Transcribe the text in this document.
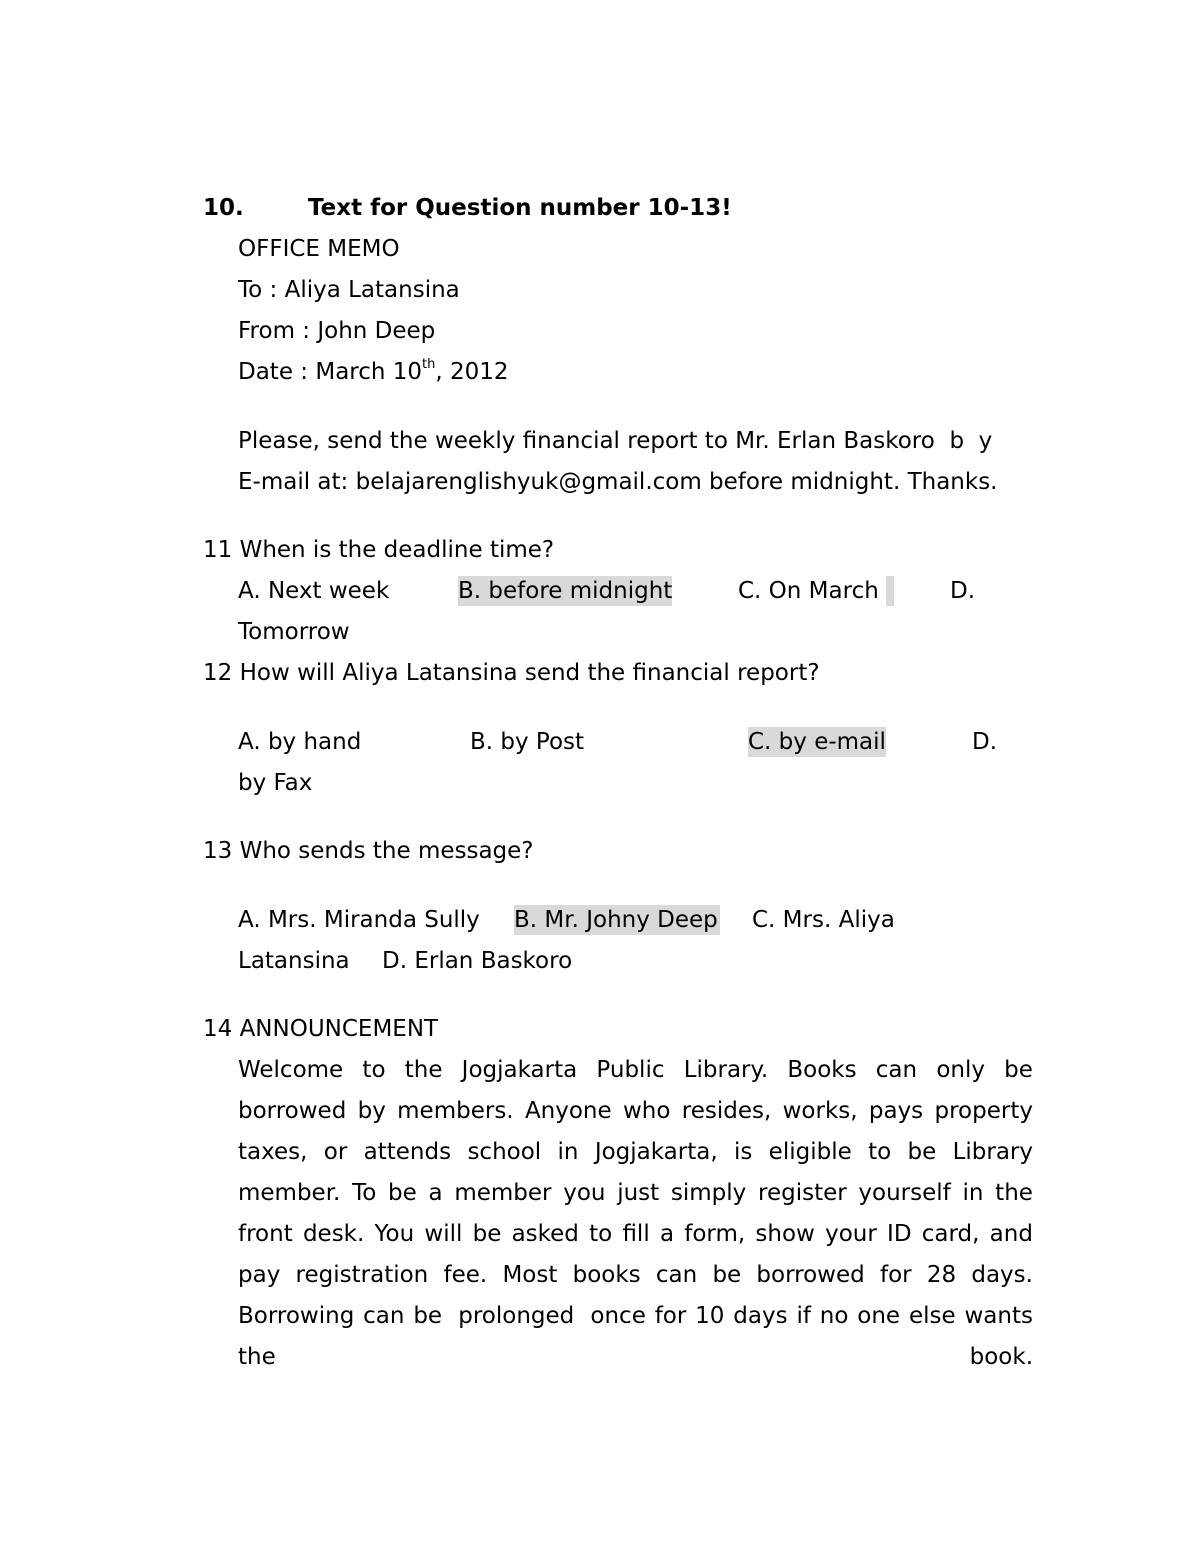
10.	Text for Question number 10-13!
OFFICE MEMO
To : Aliya Latansina
From : John Deep
Date : March 10th, 2012
Please, send the weekly financial report to Mr. Erlan Baskoro  b  y
E-mail at: belajarenglishyuk@gmail.com before midnight. Thanks.
11 When is the deadline time?
A. Next week	B. before midnight	C. On March	D.
Tomorrow
12 How will Aliya Latansina send the financial report?
A. by hand	B. by Post	C. by e-mail	D.
by Fax
13 Who sends the message?
A. Mrs. Miranda Sully B. Mr. Johny Deep C. Mrs. Aliya
Latansina D. Erlan Baskoro
14 ANNOUNCEMENT
Welcome to the Jogjakarta Public Library. Books can only be
borrowed by members. Anyone who resides, works, pays property
taxes, or attends school in Jogjakarta, is eligible to be Library
member. To be a member you just simply register yourself in the
front desk. You will be asked to fill a form, show your ID card, and
pay registration fee. Most books can be borrowed for 28 days.
Borrowing can be prolonged once for 10 days if no one else wants
the	book.
